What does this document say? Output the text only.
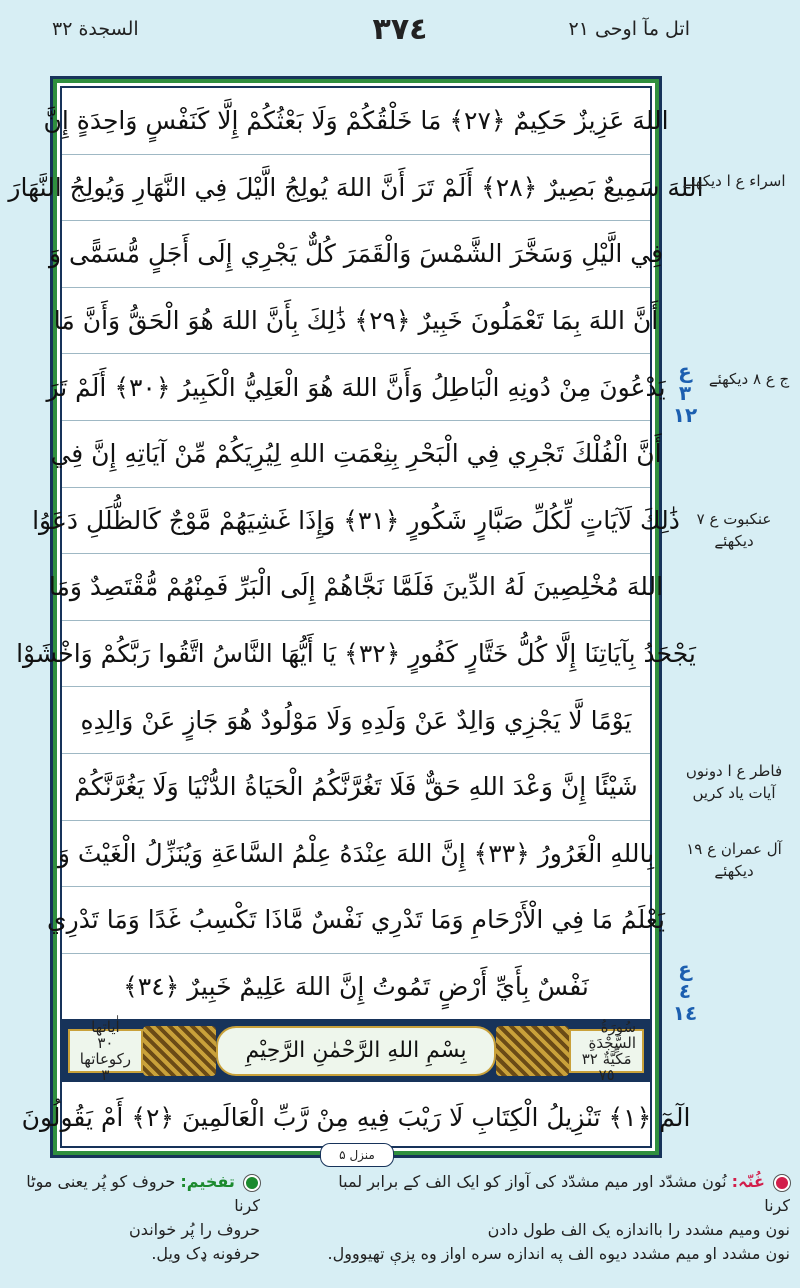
السجدة ٣٢	٣٧٤	اتل مآ اوحی ٢١
اللهَ عَزِيزٌ حَكِيمٌ ﴿٢٧﴾ مَا خَلْقُكُمْ وَلَا بَعْثُكُمْ إِلَّا كَنَفْسٍ وَاحِدَةٍ إِنَّ
اللهَ سَمِيعٌ بَصِيرٌ ﴿٢٨﴾ أَلَمْ تَرَ أَنَّ اللهَ يُولِجُ الَّيْلَ فِي النَّهَارِ وَيُولِجُ النَّهَارَ
فِي الَّيْلِ وَسَخَّرَ الشَّمْسَ وَالْقَمَرَ كُلٌّ يَجْرِي إِلَى أَجَلٍ مُّسَمًّى وَ
أَنَّ اللهَ بِمَا تَعْمَلُونَ خَبِيرٌ ﴿٢٩﴾ ذَٰلِكَ بِأَنَّ اللهَ هُوَ الْحَقُّ وَأَنَّ مَا
يَدْعُونَ مِنْ دُونِهِ الْبَاطِلُ وَأَنَّ اللهَ هُوَ الْعَلِيُّ الْكَبِيرُ ﴿٣٠﴾ أَلَمْ تَرَ
أَنَّ الْفُلْكَ تَجْرِي فِي الْبَحْرِ بِنِعْمَتِ اللهِ لِيُرِيَكُمْ مِّنْ آيَاتِهِ إِنَّ فِي
ذَٰلِكَ لَآيَاتٍ لِّكُلِّ صَبَّارٍ شَكُورٍ ﴿٣١﴾ وَإِذَا غَشِيَهُمْ مَّوْجٌ كَالظُّلَلِ دَعَوُا
اللهَ مُخْلِصِينَ لَهُ الدِّينَ فَلَمَّا نَجَّاهُمْ إِلَى الْبَرِّ فَمِنْهُمْ مُّقْتَصِدٌ وَمَا
يَجْحَدُ بِآيَاتِنَا إِلَّا كُلُّ خَتَّارٍ كَفُورٍ ﴿٣٢﴾ يَا أَيُّهَا النَّاسُ اتَّقُوا رَبَّكُمْ وَاخْشَوْا
يَوْمًا لَّا يَجْزِي وَالِدٌ عَنْ وَلَدِهِ وَلَا مَوْلُودٌ هُوَ جَازٍ عَنْ وَالِدِهِ
شَيْئًا إِنَّ وَعْدَ اللهِ حَقٌّ فَلَا تَغُرَّنَّكُمُ الْحَيَاةُ الدُّنْيَا وَلَا يَغُرَّنَّكُمْ
بِاللهِ الْغَرُورُ ﴿٣٣﴾ إِنَّ اللهَ عِنْدَهُ عِلْمُ السَّاعَةِ وَيُنَزِّلُ الْغَيْثَ وَ
يَعْلَمُ مَا فِي الْأَرْحَامِ وَمَا تَدْرِي نَفْسٌ مَّاذَا تَكْسِبُ غَدًا وَمَا تَدْرِي
نَفْسٌ بِأَيِّ أَرْضٍ تَمُوتُ إِنَّ اللهَ عَلِيمٌ خَبِيرٌ ﴿٣٤﴾
اٰیاتھا
٣٠
رکوعاتھا
٣
بِسْمِ اللهِ الرَّحْمٰنِ الرَّحِيْمِ
سُورَةُ السَّجْدَةِ
مَكِّيَّةٌ ٣٢
٧٥
الٓمٓ ﴿١﴾ تَنْزِيلُ الْكِتَابِ لَا رَيْبَ فِيهِ مِنْ رَّبِّ الْعَالَمِينَ ﴿٢﴾ أَمْ يَقُولُونَ
منزل ۵
اسراء ع ا دیکھئے
ج ع ٨ دیکھئے
عنکبوت ع ٧ دیکھئے
فاطر ع ا دونوں آیات یاد کریں
آل عمران ع ١٩ دیکھئے
ع ٣ ١٢
ع ٤ ١٤
غُنّہ: نُون مشدّد اور میم مشدّد کی آواز کو ایک الف کے برابر لمبا کرنا
نون وميم مشدد را بااندازه یک الف طول دادن
نون مشدد او میم مشدد دیوه الف په اندازه سره اواز وه پزې تهیووول.
تفخیم: حروف کو پُر یعنی موٹا کرنا
حروف را پُر خواندن
حرفونه ډک ویل.
